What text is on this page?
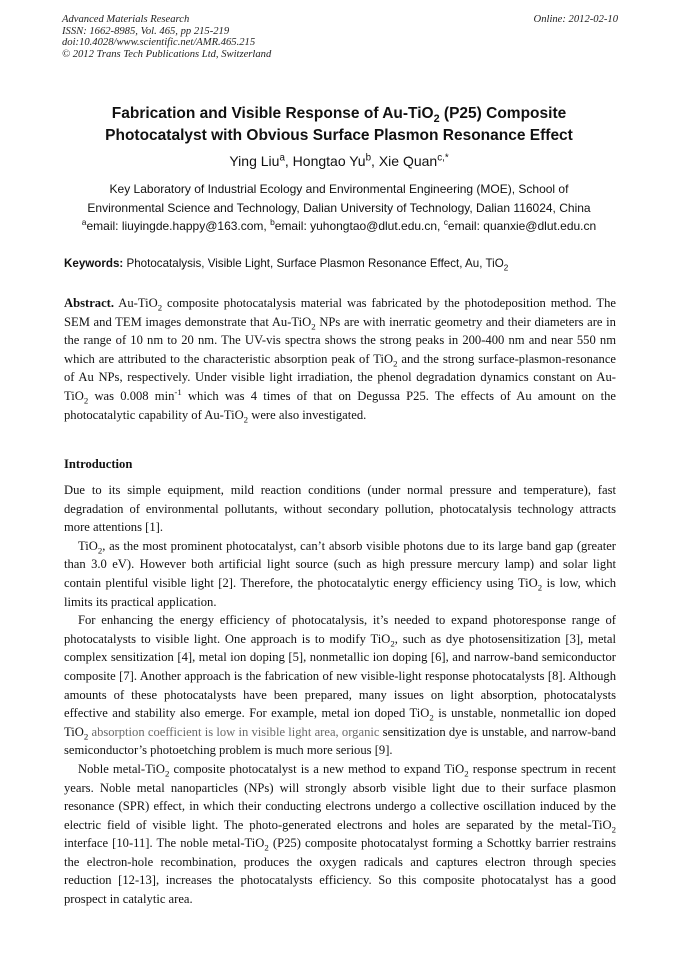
Advanced Materials Research
ISSN: 1662-8985, Vol. 465, pp 215-219
doi:10.4028/www.scientific.net/AMR.465.215
© 2012 Trans Tech Publications Ltd, Switzerland
Online: 2012-02-10
Fabrication and Visible Response of Au-TiO$_2$ (P25) Composite
Photocatalyst with Obvious Surface Plasmon Resonance Effect
Ying Liu$^a$, Hongtao Yu$^b$, Xie Quan$^{c,*}$
Key Laboratory of Industrial Ecology and Environmental Engineering (MOE), School of
Environmental Science and Technology, Dalian University of Technology, Dalian 116024, China
$^a$email: liuyingde.happy@163.com, $^b$email: yuhongtao@dlut.edu.cn, $^c$email: quanxie@dlut.edu.cn
Keywords: Photocatalysis, Visible Light, Surface Plasmon Resonance Effect, Au, TiO$_2$
Abstract. Au-TiO$_2$ composite photocatalysis material was fabricated by the photodeposition method. The SEM and TEM images demonstrate that Au-TiO$_2$ NPs are with inerratic geometry and their diameters are in the range of 10 nm to 20 nm. The UV-vis spectra shows the strong peaks in 200-400 nm and near 550 nm which are attributed to the characteristic absorption peak of TiO$_2$ and the strong surface-plasmon-resonance of Au NPs, respectively. Under visible light irradiation, the phenol degradation dynamics constant on Au-TiO$_2$ was 0.008 $\min^{-1}$ which was 4 times of that on Degussa P25. The effects of Au amount on the photocatalytic capability of Au-TiO$_2$ were also investigated.
Introduction

Due to its simple equipment, mild reaction conditions (under normal pressure and temperature), fast degradation of environmental pollutants, without secondary pollution, photocatalysis technology attracts more attentions [1].

TiO$_2$, as the most prominent photocatalyst, can’t absorb visible photons due to its large band gap (greater than 3.0 eV). However both artificial light source (such as high pressure mercury lamp) and solar light contain plentiful visible light [2]. Therefore, the photocatalytic energy efficiency using TiO$_2$ is low, which limits its practical application.

For enhancing the energy efficiency of photocatalysis, it’s needed to expand photoresponse range of photocatalysts to visible light. One approach is to modify TiO$_2$, such as dye photosensitization [3], metal complex sensitization [4], metal ion doping [5], nonmetallic ion doping [6], and narrow-band semiconductor composite [7]. Another approach is the fabrication of new visible-light response photocatalysts [8]. Although amounts of these photocatalysts have been prepared, many issues on light absorption, photocatalysts effective and stability also emerge. For example, metal ion doped TiO$_2$ is unstable, nonmetallic ion doped TiO$_2$ absorption coefficient is low in visible light area, organic sensitization dye is unstable, and narrow-band semiconductor’s photoetching problem is much more serious [9].

Noble metal-TiO$_2$ composite photocatalyst is a new method to expand TiO$_2$ response spectrum in recent years. Noble metal nanoparticles (NPs) will strongly absorb visible light due to their surface plasmon resonance (SPR) effect, in which their conducting electrons undergo a collective oscillation induced by the electric field of visible light. The photo-generated electrons and holes are separated by the metal-TiO$_2$ interface [10-11]. The noble metal-TiO$_2$ (P25) composite photocatalyst forming a Schottky barrier restrains the electron-hole recombination, produces the oxygen radicals and captures electron through species reduction [12-13], increases the photocatalysts efficiency. So this composite photocatalyst has a good prospect in catalytic area.
